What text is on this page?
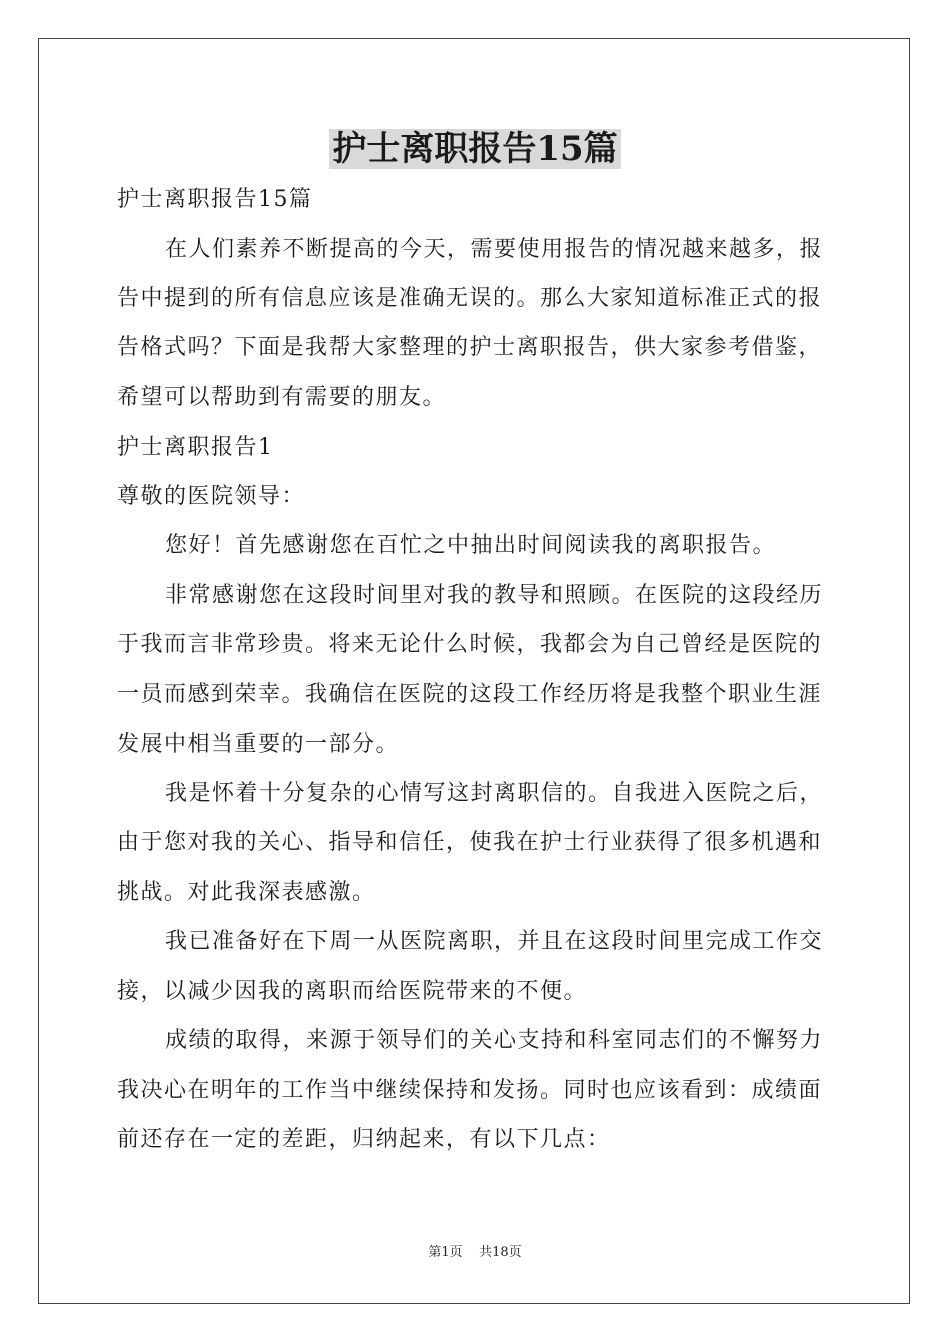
护士离职报告15篇
护士离职报告15篇
在人们素养不断提高的今天，需要使用报告的情况越来越多，报
告中提到的所有信息应该是准确无误的。那么大家知道标准正式的报
告格式吗？下面是我帮大家整理的护士离职报告，供大家参考借鉴，
希望可以帮助到有需要的朋友。
护士离职报告1
尊敬的医院领导：
您好！首先感谢您在百忙之中抽出时间阅读我的离职报告。
非常感谢您在这段时间里对我的教导和照顾。在医院的这段经历
于我而言非常珍贵。将来无论什么时候，我都会为自己曾经是医院的
一员而感到荣幸。我确信在医院的这段工作经历将是我整个职业生涯
发展中相当重要的一部分。
我是怀着十分复杂的心情写这封离职信的。自我进入医院之后，
由于您对我的关心、指导和信任，使我在护士行业获得了很多机遇和
挑战。对此我深表感激。
我已准备好在下周一从医院离职，并且在这段时间里完成工作交
接，以减少因我的离职而给医院带来的不便。
成绩的取得，来源于领导们的关心支持和科室同志们的不懈努力
我决心在明年的工作当中继续保持和发扬。同时也应该看到：成绩面
前还存在一定的差距，归纳起来，有以下几点：
第1页 共18页
